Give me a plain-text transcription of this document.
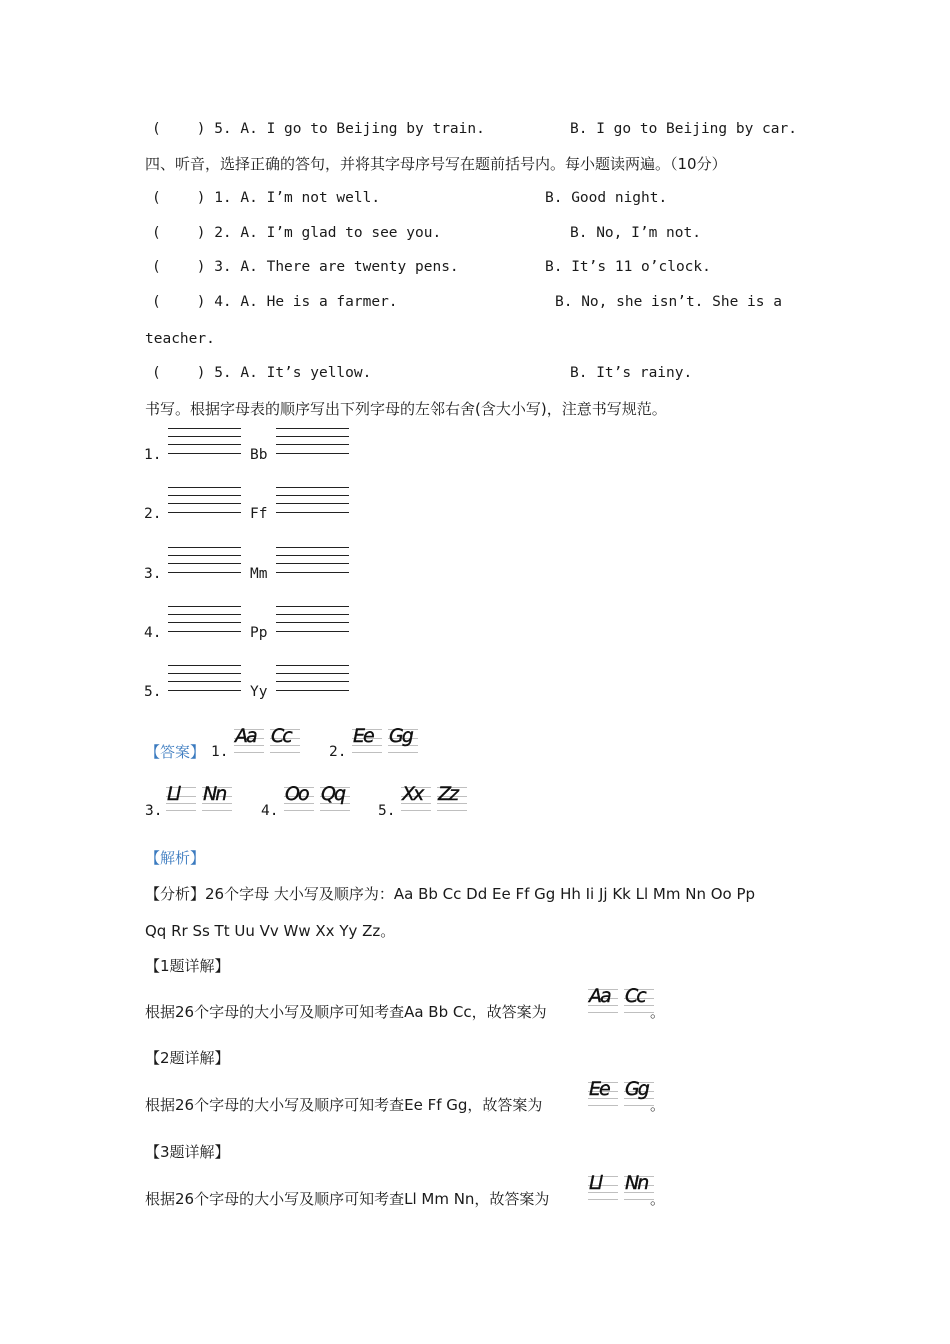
( ) 5. A. I go to Beijing by train.	B. I go to Beijing by car.
四、听音，选择正确的答句，并将其字母序号写在题前括号内。每小题读两遍。（10分）
( ) 1. A. I’m not well.	B. Good night.
( ) 2. A. I’m glad to see you.	B. No, I’m not.
( ) 3. A. There are twenty pens.	B. It’s 11 o’clock.
( ) 4. A. He is a farmer.	B. No, she isn’t. She is a
teacher.
( ) 5. A. It’s yellow.	B. It’s rainy.
书写。根据字母表的顺序写出下列字母的左邻右舍(含大小写)，注意书写规范。
1.	Bb
2.	Ff
3.	Mm
4.	Pp
5.	Yy
【答案】 1.
Aa Cc
2.
Ee Gg
3.
Ll Nn
4.
Oo Qq
5.
Xx Zz
【解析】
【分析】26个字母 大小写及顺序为：Aa Bb Cc Dd Ee Ff Gg Hh Ii Jj Kk Ll Mm Nn Oo Pp
Qq Rr Ss Tt Uu Vv Ww Xx Yy Zz。
【1题详解】
根据26个字母的大小写及顺序可知考查Aa Bb Cc，故答案为
Aa Cc
。
【2题详解】
根据26个字母的大小写及顺序可知考查Ee Ff Gg，故答案为
Ee Gg
。
【3题详解】
根据26个字母的大小写及顺序可知考查Ll Mm Nn，故答案为
Ll Nn
。
